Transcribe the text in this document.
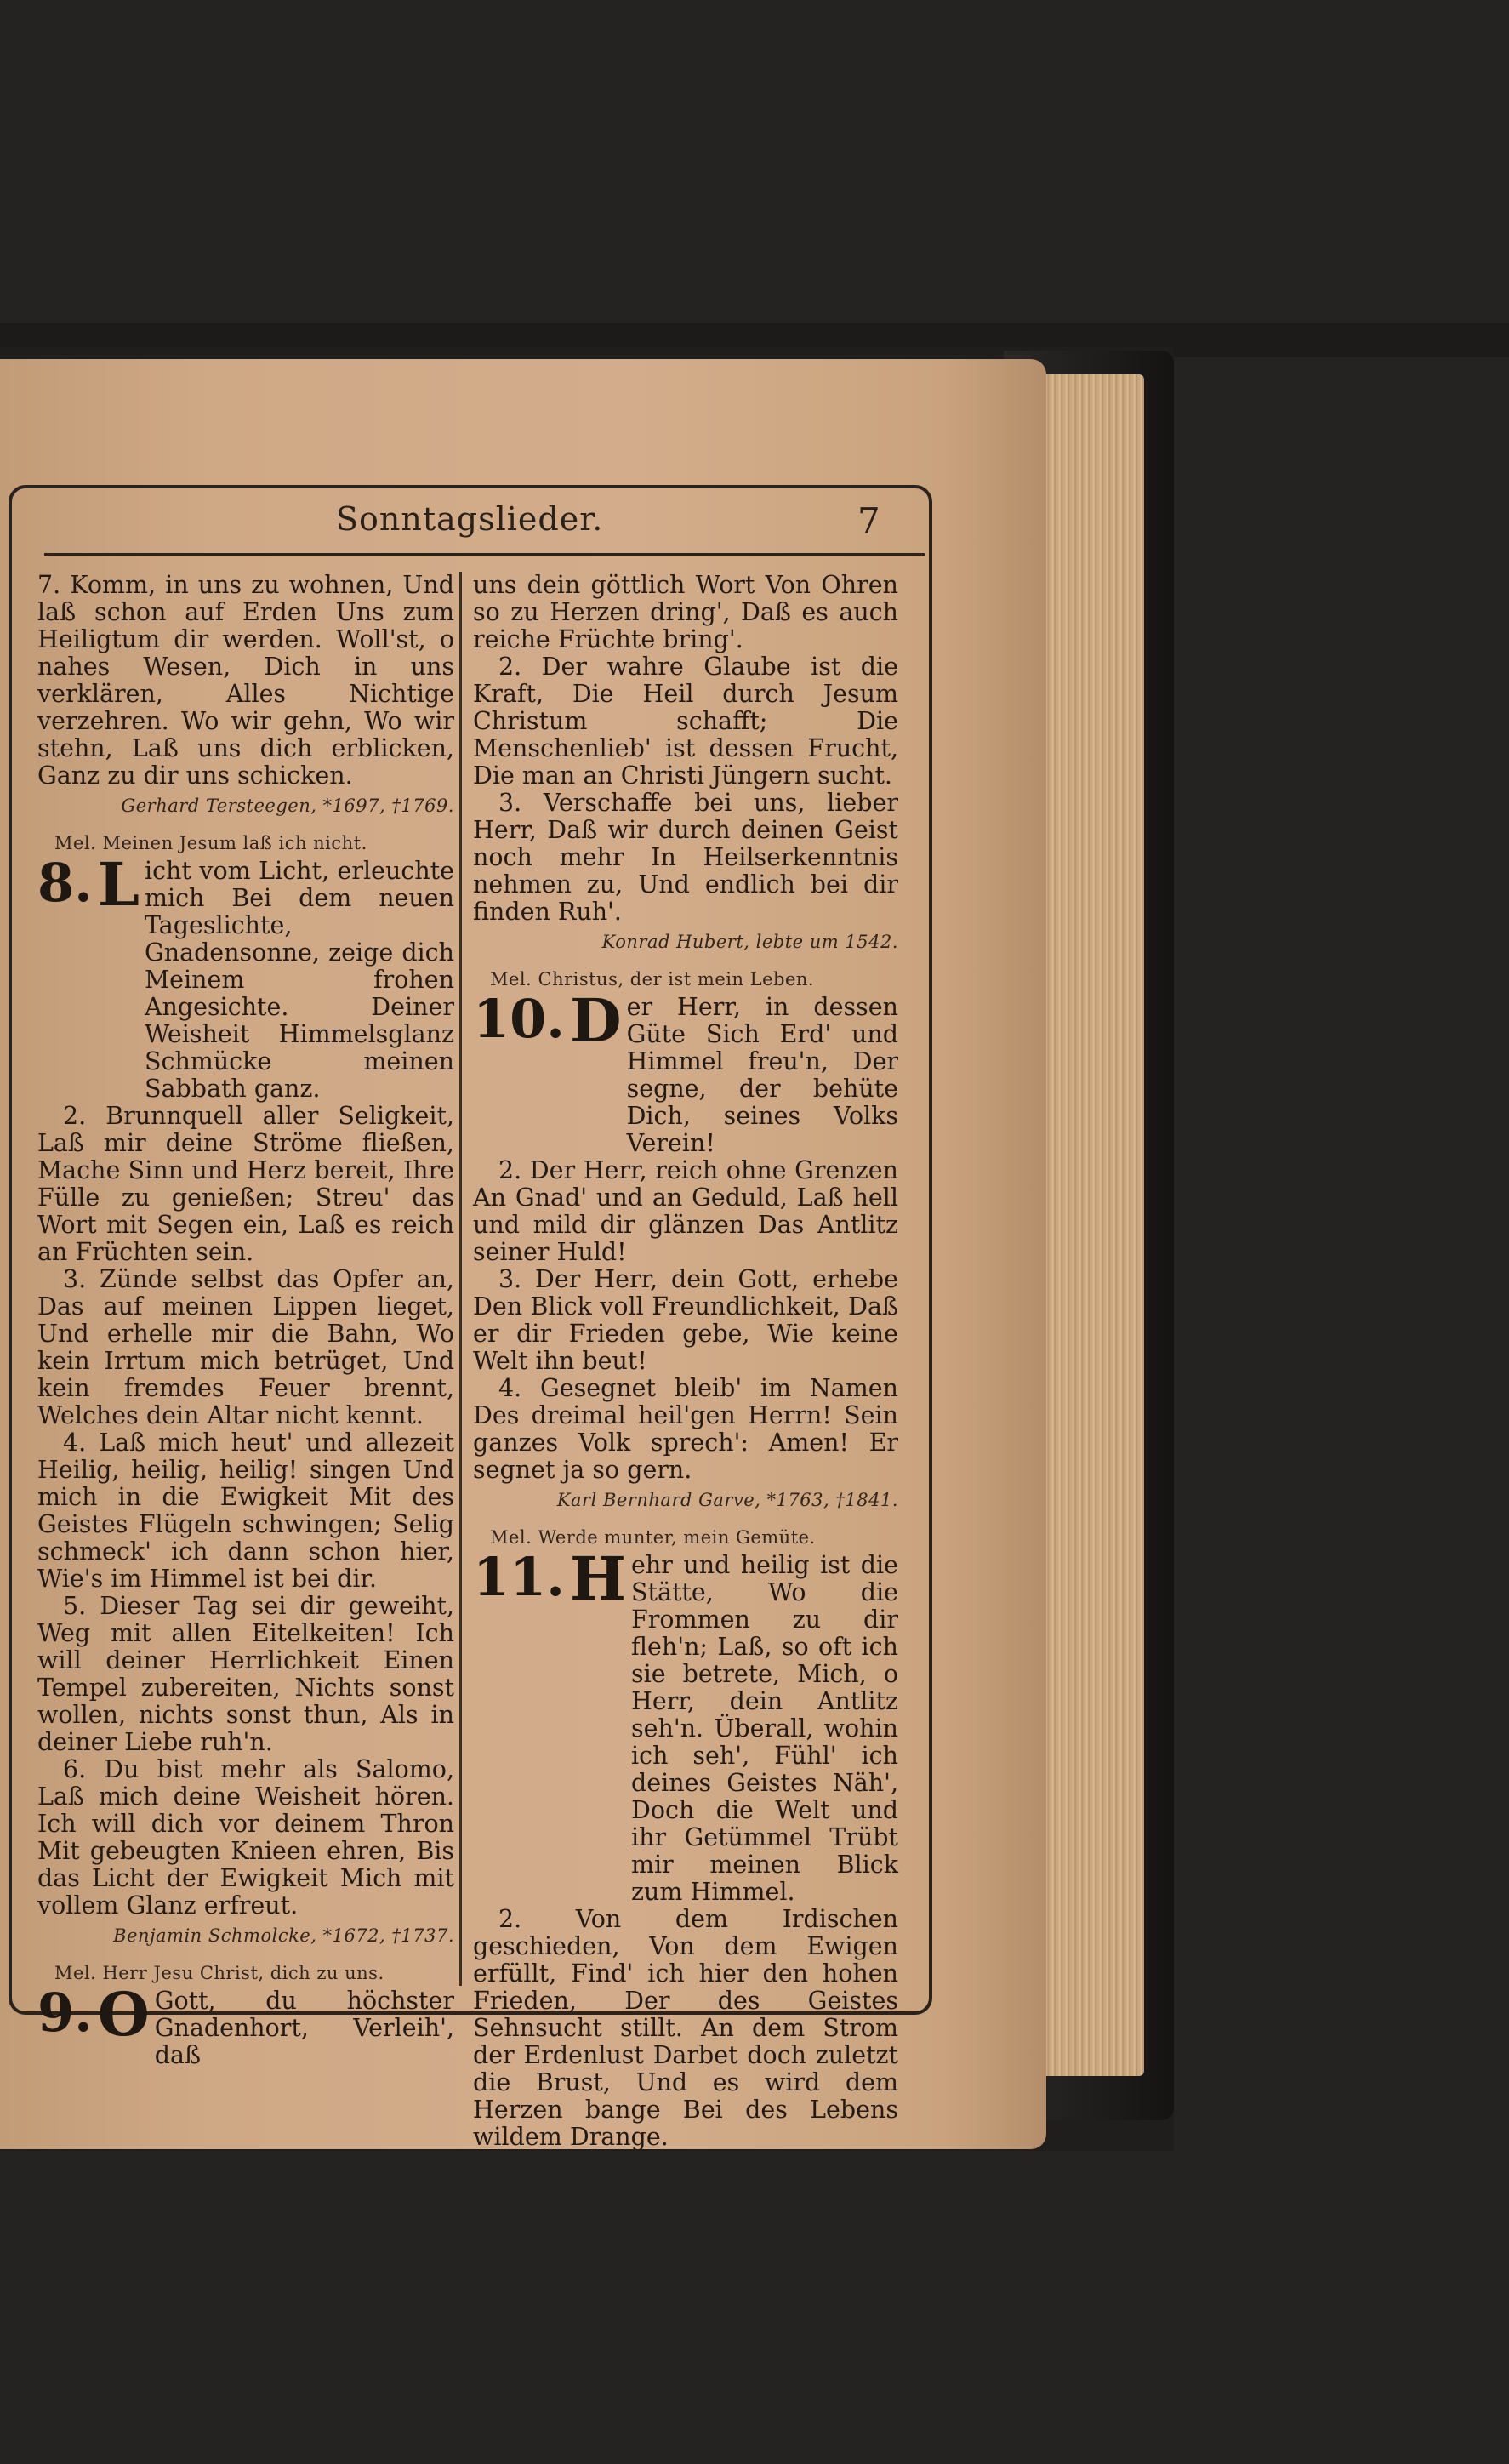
Sonntagslieder.	7

7. Komm, in uns zu wohnen, Und laß schon auf Erden Uns zum Heiligtum dir werden. Woll'st, o nahes Wesen, Dich in uns verklären, Alles Nichtige verzehren. Wo wir gehn, Wo wir stehn, Laß uns dich erblicken, Ganz zu dir uns schicken.

Gerhard Tersteegen, *1697, †1769.
Mel. Meinen Jesum laß ich nicht.
8. L icht vom Licht, erleuchte mich Bei dem neuen Tageslichte, Gnadensonne, zeige dich Meinem frohen Angesichte. Deiner Weisheit Himmelsglanz Schmücke meinen Sabbath ganz.

2. Brunnquell aller Seligkeit, Laß mir deine Ströme fließen, Mache Sinn und Herz bereit, Ihre Fülle zu genießen; Streu' das Wort mit Segen ein, Laß es reich an Früchten sein.

3. Zünde selbst das Opfer an, Das auf meinen Lippen lieget, Und erhelle mir die Bahn, Wo kein Irrtum mich betrüget, Und kein fremdes Feuer brennt, Welches dein Altar nicht kennt.

4. Laß mich heut' und allezeit Heilig, heilig, heilig! singen Und mich in die Ewigkeit Mit des Geistes Flügeln schwingen; Selig schmeck' ich dann schon hier, Wie's im Himmel ist bei dir.

5. Dieser Tag sei dir geweiht, Weg mit allen Eitelkeiten! Ich will deiner Herrlichkeit Einen Tempel zubereiten, Nichts sonst wollen, nichts sonst thun, Als in deiner Liebe ruh'n.

6. Du bist mehr als Salomo, Laß mich deine Weisheit hören. Ich will dich vor deinem Thron Mit gebeugten Knieen ehren, Bis das Licht der Ewigkeit Mich mit vollem Glanz erfreut.

Benjamin Schmolcke, *1672, †1737.
Mel. Herr Jesu Christ, dich zu uns.
9. O Gott, du höchster Gnadenhort, Verleih', daß

uns dein göttlich Wort Von Ohren so zu Herzen dring', Daß es auch reiche Früchte bring'.

2. Der wahre Glaube ist die Kraft, Die Heil durch Jesum Christum schafft; Die Menschenlieb' ist dessen Frucht, Die man an Christi Jüngern sucht.

3. Verschaffe bei uns, lieber Herr, Daß wir durch deinen Geist noch mehr In Heilserkenntnis nehmen zu, Und endlich bei dir finden Ruh'.

Konrad Hubert, lebte um 1542.
Mel. Christus, der ist mein Leben.
10. D er Herr, in dessen Güte Sich Erd' und Himmel freu'n, Der segne, der behüte Dich, seines Volks Verein!

2. Der Herr, reich ohne Grenzen An Gnad' und an Geduld, Laß hell und mild dir glänzen Das Antlitz seiner Huld!

3. Der Herr, dein Gott, erhebe Den Blick voll Freundlichkeit, Daß er dir Frieden gebe, Wie keine Welt ihn beut!

4. Gesegnet bleib' im Namen Des dreimal heil'gen Herrn! Sein ganzes Volk sprech': Amen! Er segnet ja so gern.

Karl Bernhard Garve, *1763, †1841.
Mel. Werde munter, mein Gemüte.
11. H ehr und heilig ist die Stätte, Wo die Frommen zu dir fleh'n; Laß, so oft ich sie betrete, Mich, o Herr, dein Antlitz seh'n. Überall, wohin ich seh', Fühl' ich deines Geistes Näh', Doch die Welt und ihr Getümmel Trübt mir meinen Blick zum Himmel.

2. Von dem Irdischen geschieden, Von dem Ewigen erfüllt, Find' ich hier den hohen Frieden, Der des Geistes Sehnsucht stillt. An dem Strom der Erdenlust Darbet doch zuletzt die Brust, Und es wird dem Herzen bange Bei des Lebens wildem Drange.
